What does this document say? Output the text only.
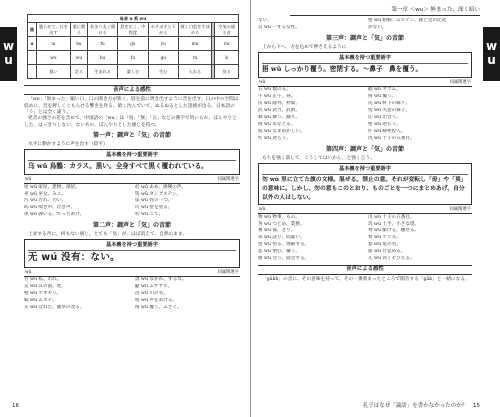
w
u
母音 u 系 wu								
陰	曇らせて、口を出す	重に開る	あまり丸く開ける	唇を広く、中程度	ポテポテと下がる	強く口唇をすぼめる		空気の通る音
u	ɯ	bu	fu	gu	yu	mu		nu
	wu	wu	bu	fu	gu	ru		k
	遅い	走る	生まれる	楽しむ	生む	入れる		見る
音声による感性

「wu」「無まった」縮い口。口の開き方が狭く、唇を前に突き出すように音を出す。日の中の空間は低めに、音を押しくぐもらせる響きを作る。暗く沈んでいて、ぬるぬるとした語感が出る。日本語の「う」とは全く違う。

発音の強さの差を含めて、中国語の「wu」は「鳥」「無」「五」などの漢字で用いられ、ぼんやりとした、はっきりしない、ないもの、ぼんやりとした感じを持つ。

第一声：調声と「気」の音節

水平に動かすように声を出す（陰平）

基本義を持つ重要語字
乌 wū 烏鵲：カラス。黒い。全身すべて黒く覆われている。
wū	同属関連字
屋 wū 家屋、建物、部屋。
巫 wū 巫女、みこ。
污 wū 汚れ、汚い。
呜 wū 鳴き声、泣き声。
诬 wū 誣いる、でっちあげ。
於 wū ああ、感嘆の声。
钨 wū タングステン。
邬 wū 姓の一つ。
圬 wū 壁を塗る。
杇 wū こて。
第二声：調声と「気」の音節

上昇する声に。何もない感じ。とても「気」が、ほぼ消えて、自然のまま。

基本義を持つ重要語字
无 wú 没有：ない。
wú	同属関連字
吾 wú 私、われ。
吴 wú 呉の国、姓。
梧 wú アオギリ。
蜈 wú ムカデ。
芜 wú 荒れた、雑草の茂る。
毋 wú なかれ、するな。
鼯 wú ムササビ。
浯 wú 川の名。
唔 wú 声をあげる。
捂 wú 覆う、ふさぐ。
16
第一章 ＜wu＞ 無まった、深く暗い
w
u
ない。
呉 wú 一する女性。
梧 wú 梧桐：ムロテン、鹿と見の比武
がない。
第三声：調声と「気」の音節

上から下へ、力を込めて押さえるように

基本義を持つ重要語字
捂 wǔ しっかり覆う。密閉する。～鼻子　鼻を覆う。
wǔ	同属関連字
五 wǔ 数の五。
午 wǔ 正午、昼。
伍 wǔ 隊列、仲間。
武 wǔ 武力、武術。
舞 wǔ 舞う、踊り。
侮 wǔ あなどる。
妩 wǔ なまめかしい。
忤 wǔ 逆らう。
鹉 wǔ オウム。
捂 wǔ 覆う。
庑 wǔ 軒下の廊下。
怃 wǔ 失意の様子。
迕 wǔ 出会う。
牾 wǔ 逆らう。
仵 wǔ 検死役人。
戊 wǔ 十干の五番目。
第四声：調声と「気」の音節

もちを強く落して、こうしてはいかん、と強く言う。

基本義を持つ重要語字
勿 wù 里に立てた旗の文様。混ぜる。禁止の意。それが変転し「毋」や「莫」の意味に。しかし、勿の意もこのとおり、ものごとを一つにまとめあげ、自分以外の人はしない。
wù	同属関連字
物 wù 物事、もの。
务 wù つとめ、業務。
雾 wù 霧、きり。
误 wù 誤り、間違い。
悟 wù 悟る、理解する。
恶 wù 憎む、嫌う。
晤 wù 会う、面会する。
戊 wù 十干の五番目。
坞 wù 土手、小さな堤。
骛 wù 駆ける、馳せる。
鹜 wù アヒル。
婺 wù 星の名。
寤 wù 目覚める。
兀 wù 高くそびえる。
音声による感性

「gǎkh」の音に、その意味を持って、その一番奥まったところで開音する「gǎk」と一緒になる。

孔子はなぜ「論語」を書かなかったのか？ 15
